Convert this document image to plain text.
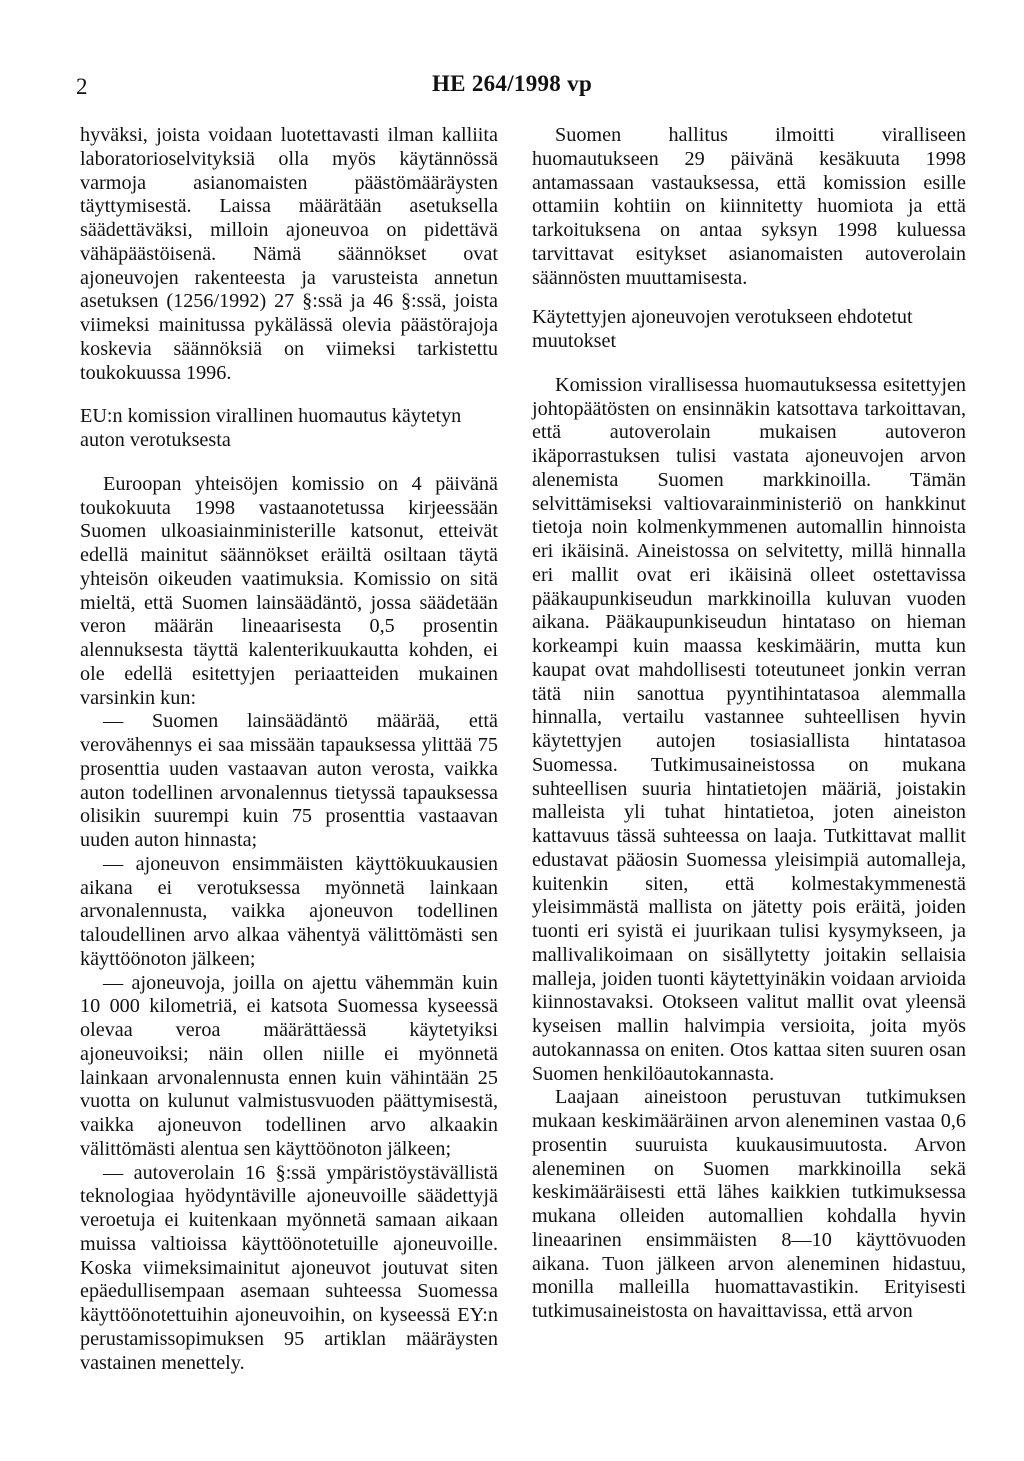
2	HE 264/1998 vp

hyväksi, joista voidaan luotettavasti ilman kalliita laboratorioselvityksiä olla myös käytännössä varmoja asianomaisten päästömääräysten täyttymisestä. Laissa määrätään asetuksella säädettäväksi, milloin ajoneuvoa on pidettävä vähäpäästöisenä. Nämä säännökset ovat ajoneuvojen rakenteesta ja varusteista annetun asetuksen (1256/1992) 27 §:ssä ja 46 §:ssä, joista viimeksi mainitussa pykälässä olevia päästörajoja koskevia säännöksiä on viimeksi tarkistettu toukokuussa 1996.

EU:n komission virallinen huomautus käytetyn auton verotuksesta

Euroopan yhteisöjen komissio on 4 päivänä toukokuuta 1998 vastaanotetussa kirjeessään Suomen ulkoasiainministerille katsonut, etteivät edellä mainitut säännökset eräiltä osiltaan täytä yhteisön oikeuden vaatimuksia. Komissio on sitä mieltä, että Suomen lainsäädäntö, jossa säädetään veron määrän lineaarisesta 0,5 prosentin alennuksesta täyttä kalenterikuukautta kohden, ei ole edellä esitettyjen periaatteiden mukainen varsinkin kun:

— Suomen lainsäädäntö määrää, että verovähennys ei saa missään tapauksessa ylittää 75 prosenttia uuden vastaavan auton verosta, vaikka auton todellinen arvonalennus tietyssä tapauksessa olisikin suurempi kuin 75 prosenttia vastaavan uuden auton hinnasta;

— ajoneuvon ensimmäisten käyttökuukausien aikana ei verotuksessa myönnetä lainkaan arvonalennusta, vaikka ajoneuvon todellinen taloudellinen arvo alkaa vähentyä välittömästi sen käyttöönoton jälkeen;

— ajoneuvoja, joilla on ajettu vähemmän kuin 10 000 kilometriä, ei katsota Suomessa kyseessä olevaa veroa määrättäessä käytetyiksi ajoneuvoiksi; näin ollen niille ei myönnetä lainkaan arvonalennusta ennen kuin vähintään 25 vuotta on kulunut valmistusvuoden päättymisestä, vaikka ajoneuvon todellinen arvo alkaakin välittömästi alentua sen käyttöönoton jälkeen;

— autoverolain 16 §:ssä ympäristöystävällistä teknologiaa hyödyntäville ajoneuvoille säädettyjä veroetuja ei kuitenkaan myönnetä samaan aikaan muissa valtioissa käyttöönotetuille ajoneuvoille. Koska viimeksimainitut ajoneuvot joutuvat siten epäedullisempaan asemaan suhteessa Suomessa käyttöönotettuihin ajoneuvoihin, on kyseessä EY:n perustamissopimuksen 95 artiklan määräysten vastainen menettely.

Suomen hallitus ilmoitti viralliseen huomautukseen 29 päivänä kesäkuuta 1998 antamassaan vastauksessa, että komission esille ottamiin kohtiin on kiinnitetty huomiota ja että tarkoituksena on antaa syksyn 1998 kuluessa tarvittavat esitykset asianomaisten autoverolain säännösten muuttamisesta.

Käytettyjen ajoneuvojen verotukseen ehdotetut muutokset

Komission virallisessa huomautuksessa esitettyjen johtopäätösten on ensinnäkin katsottava tarkoittavan, että autoverolain mukaisen autoveron ikäporrastuksen tulisi vastata ajoneuvojen arvon alenemista Suomen markkinoilla. Tämän selvittämiseksi valtiovarainministeriö on hankkinut tietoja noin kolmenkymmenen automallin hinnoista eri ikäisinä. Aineistossa on selvitetty, millä hinnalla eri mallit ovat eri ikäisinä olleet ostettavissa pääkaupunkiseudun markkinoilla kuluvan vuoden aikana. Pääkaupunkiseudun hintataso on hieman korkeampi kuin maassa keskimäärin, mutta kun kaupat ovat mahdollisesti toteutuneet jonkin verran tätä niin sanottua pyyntihintatasoa alemmalla hinnalla, vertailu vastannee suhteellisen hyvin käytettyjen autojen tosiasiallista hintatasoa Suomessa. Tutkimusaineistossa on mukana suhteellisen suuria hintatietojen määriä, joistakin malleista yli tuhat hintatietoa, joten aineiston kattavuus tässä suhteessa on laaja. Tutkittavat mallit edustavat pääosin Suomessa yleisimpiä automalleja, kuitenkin siten, että kolmestakymmenestä yleisimmästä mallista on jätetty pois eräitä, joiden tuonti eri syistä ei juurikaan tulisi kysymykseen, ja mallivalikoimaan on sisällytetty joitakin sellaisia malleja, joiden tuonti käytettyinäkin voidaan arvioida kiinnostavaksi. Otokseen valitut mallit ovat yleensä kyseisen mallin halvimpia versioita, joita myös autokannassa on eniten. Otos kattaa siten suuren osan Suomen henkilöautokannasta.

Laajaan aineistoon perustuvan tutkimuksen mukaan keskimääräinen arvon aleneminen vastaa 0,6 prosentin suuruista kuukausimuutosta. Arvon aleneminen on Suomen markkinoilla sekä keskimääräisesti että lähes kaikkien tutkimuksessa mukana olleiden automallien kohdalla hyvin lineaarinen ensimmäisten 8—10 käyttövuoden aikana. Tuon jälkeen arvon aleneminen hidastuu, monilla malleilla huomattavastikin. Erityisesti tutkimusaineistosta on havaittavissa, että arvon
